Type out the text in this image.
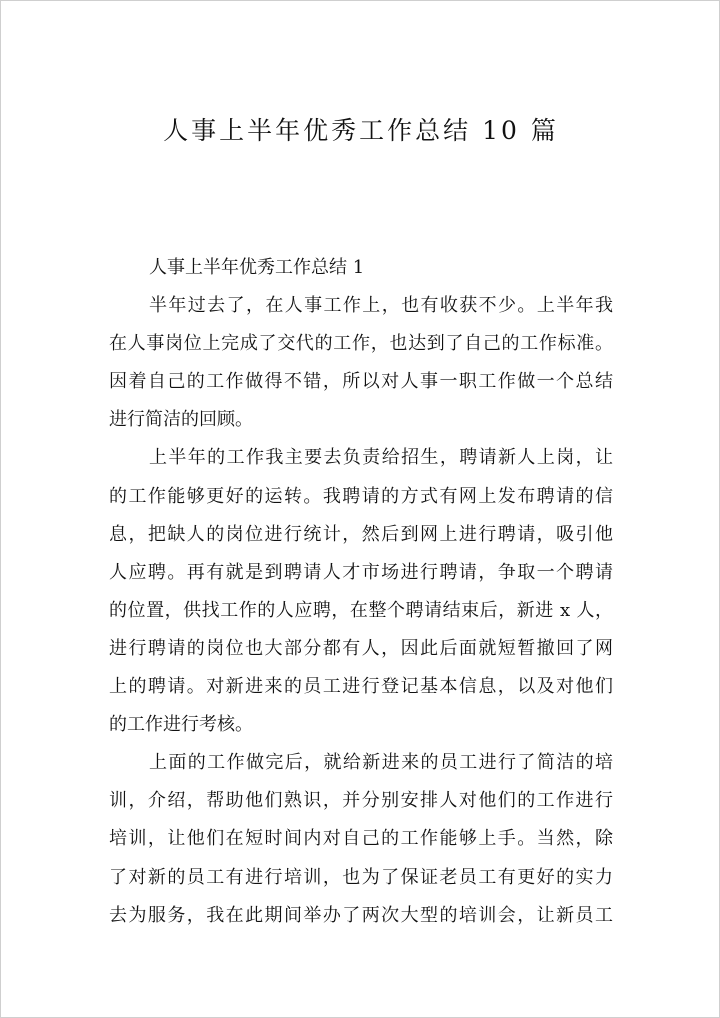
人事上半年优秀工作总结 10 篇
人事上半年优秀工作总结 1
半年过去了，在人事工作上，也有收获不少。上半年我
在人事岗位上完成了交代的工作，也达到了自己的工作标准。
因着自己的工作做得不错，所以对人事一职工作做一个总结
进行简洁的回顾。
上半年的工作我主要去负责给招生，聘请新人上岗，让
的工作能够更好的运转。我聘请的方式有网上发布聘请的信
息，把缺人的岗位进行统计，然后到网上进行聘请，吸引他
人应聘。再有就是到聘请人才市场进行聘请，争取一个聘请
的位置，供找工作的人应聘，在整个聘请结束后，新进 x 人，
进行聘请的岗位也大部分都有人，因此后面就短暂撤回了网
上的聘请。对新进来的员工进行登记基本信息，以及对他们
的工作进行考核。
上面的工作做完后，就给新进来的员工进行了简洁的培
训，介绍，帮助他们熟识，并分别安排人对他们的工作进行
培训，让他们在短时间内对自己的工作能够上手。当然，除
了对新的员工有进行培训，也为了保证老员工有更好的实力
去为服务，我在此期间举办了两次大型的培训会，让新员工
